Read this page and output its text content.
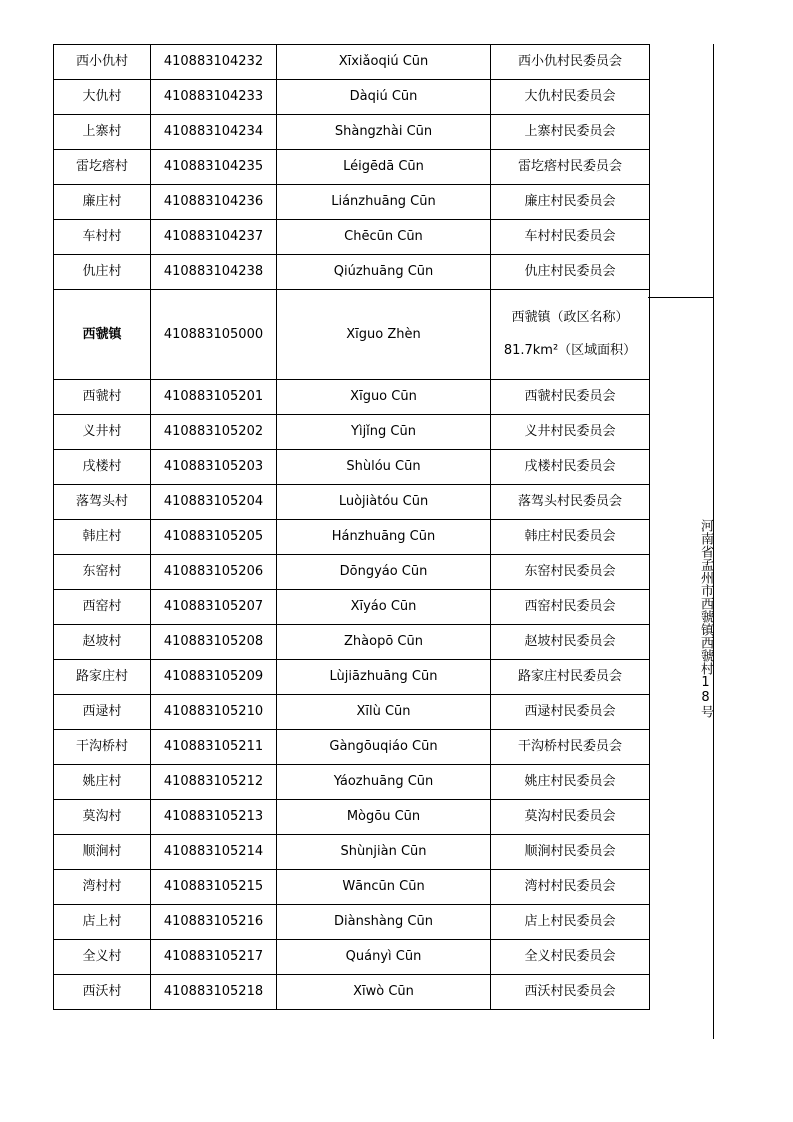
西小仇村	410883104232	Xīxiǎoqiú Cūn	西小仇村民委员会
大仇村	410883104233	Dàqiú Cūn	大仇村民委员会
上寨村	410883104234	Shàngzhài Cūn	上寨村民委员会
雷圪瘩村	410883104235	Léigēdā Cūn	雷圪瘩村民委员会
廉庄村	410883104236	Liánzhuāng Cūn	廉庄村民委员会
车村村	410883104237	Chēcūn Cūn	车村村民委员会
仇庄村	410883104238	Qiúzhuāng Cūn	仇庄村民委员会
西虢镇	410883105000	Xīguo Zhèn	西虢镇（政区名称）
81.7km²（区域面积）

西虢村	410883105201	Xīguo Cūn	西虢村民委员会
义井村	410883105202	Yìjǐng Cūn	义井村民委员会
戌楼村	410883105203	Shùlóu Cūn	戌楼村民委员会
落驾头村	410883105204	Luòjiàtóu Cūn	落驾头村民委员会
韩庄村	410883105205	Hánzhuāng Cūn	韩庄村民委员会
东窑村	410883105206	Dōngyáo Cūn	东窑村民委员会
西窑村	410883105207	Xīyáo Cūn	西窑村民委员会
赵坡村	410883105208	Zhàopō Cūn	赵坡村民委员会
路家庄村	410883105209	Lùjiāzhuāng Cūn	路家庄村民委员会
西逯村	410883105210	Xīlù Cūn	西逯村民委员会
干沟桥村	410883105211	Gàngōuqiáo Cūn	干沟桥村民委员会
姚庄村	410883105212	Yáozhuāng Cūn	姚庄村民委员会
莫沟村	410883105213	Mògōu Cūn	莫沟村民委员会
顺涧村	410883105214	Shùnjiàn Cūn	顺涧村民委员会
湾村村	410883105215	Wāncūn Cūn	湾村村民委员会
店上村	410883105216	Diànshàng Cūn	店上村民委员会
全义村	410883105217	Quányì Cūn	全义村民委员会
西沃村	410883105218	Xīwò Cūn	西沃村民委员会
河南省孟州市西虢镇西虢村18号
